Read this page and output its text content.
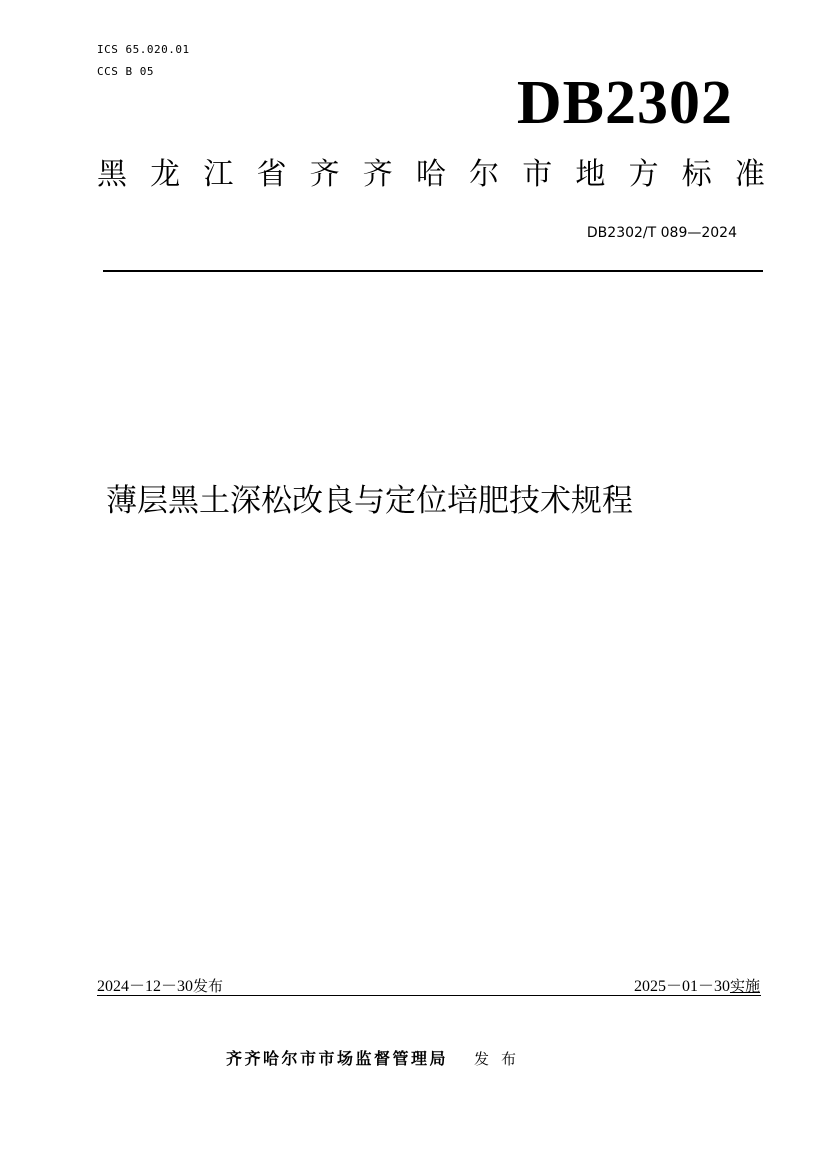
ICS 65.020.01
CCS B 05	DB2302
黑 龙 江 省 齐 齐 哈 尔 市 地 方 标 准
DB2302/T 089—2024
薄层黑土深松改良与定位培肥技术规程
2024－12－30发布	2025－01－30实施
齐齐哈尔市市场监督管理局 发布
